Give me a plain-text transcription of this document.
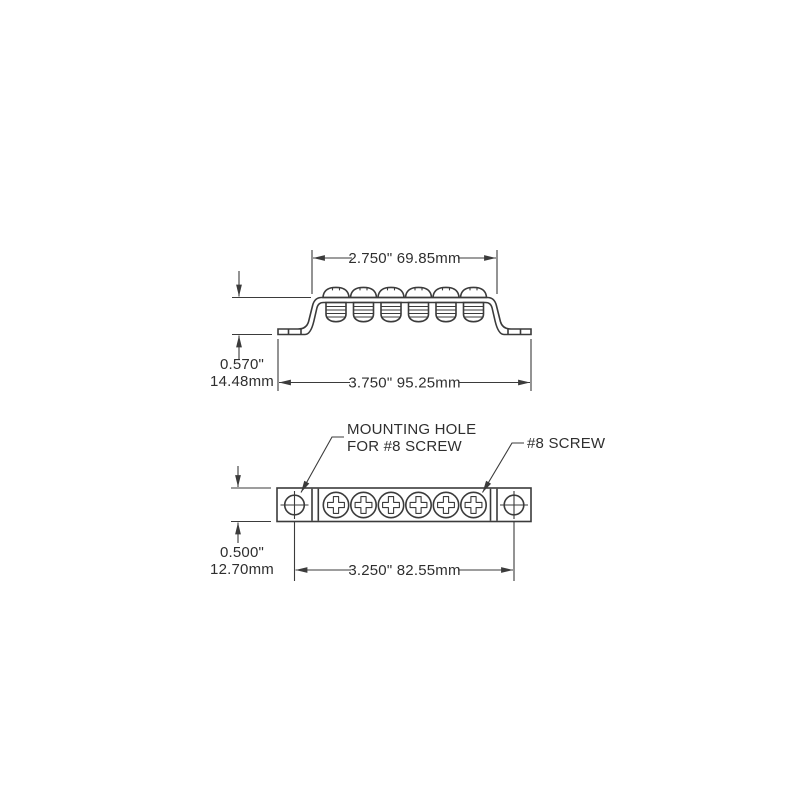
2.750" 69.85mm
3.750" 95.25mm
0.570"
14.48mm
MOUNTING HOLE
FOR #8 SCREW	#8 SCREW
3.250" 82.55mm
0.500"
12.70mm
